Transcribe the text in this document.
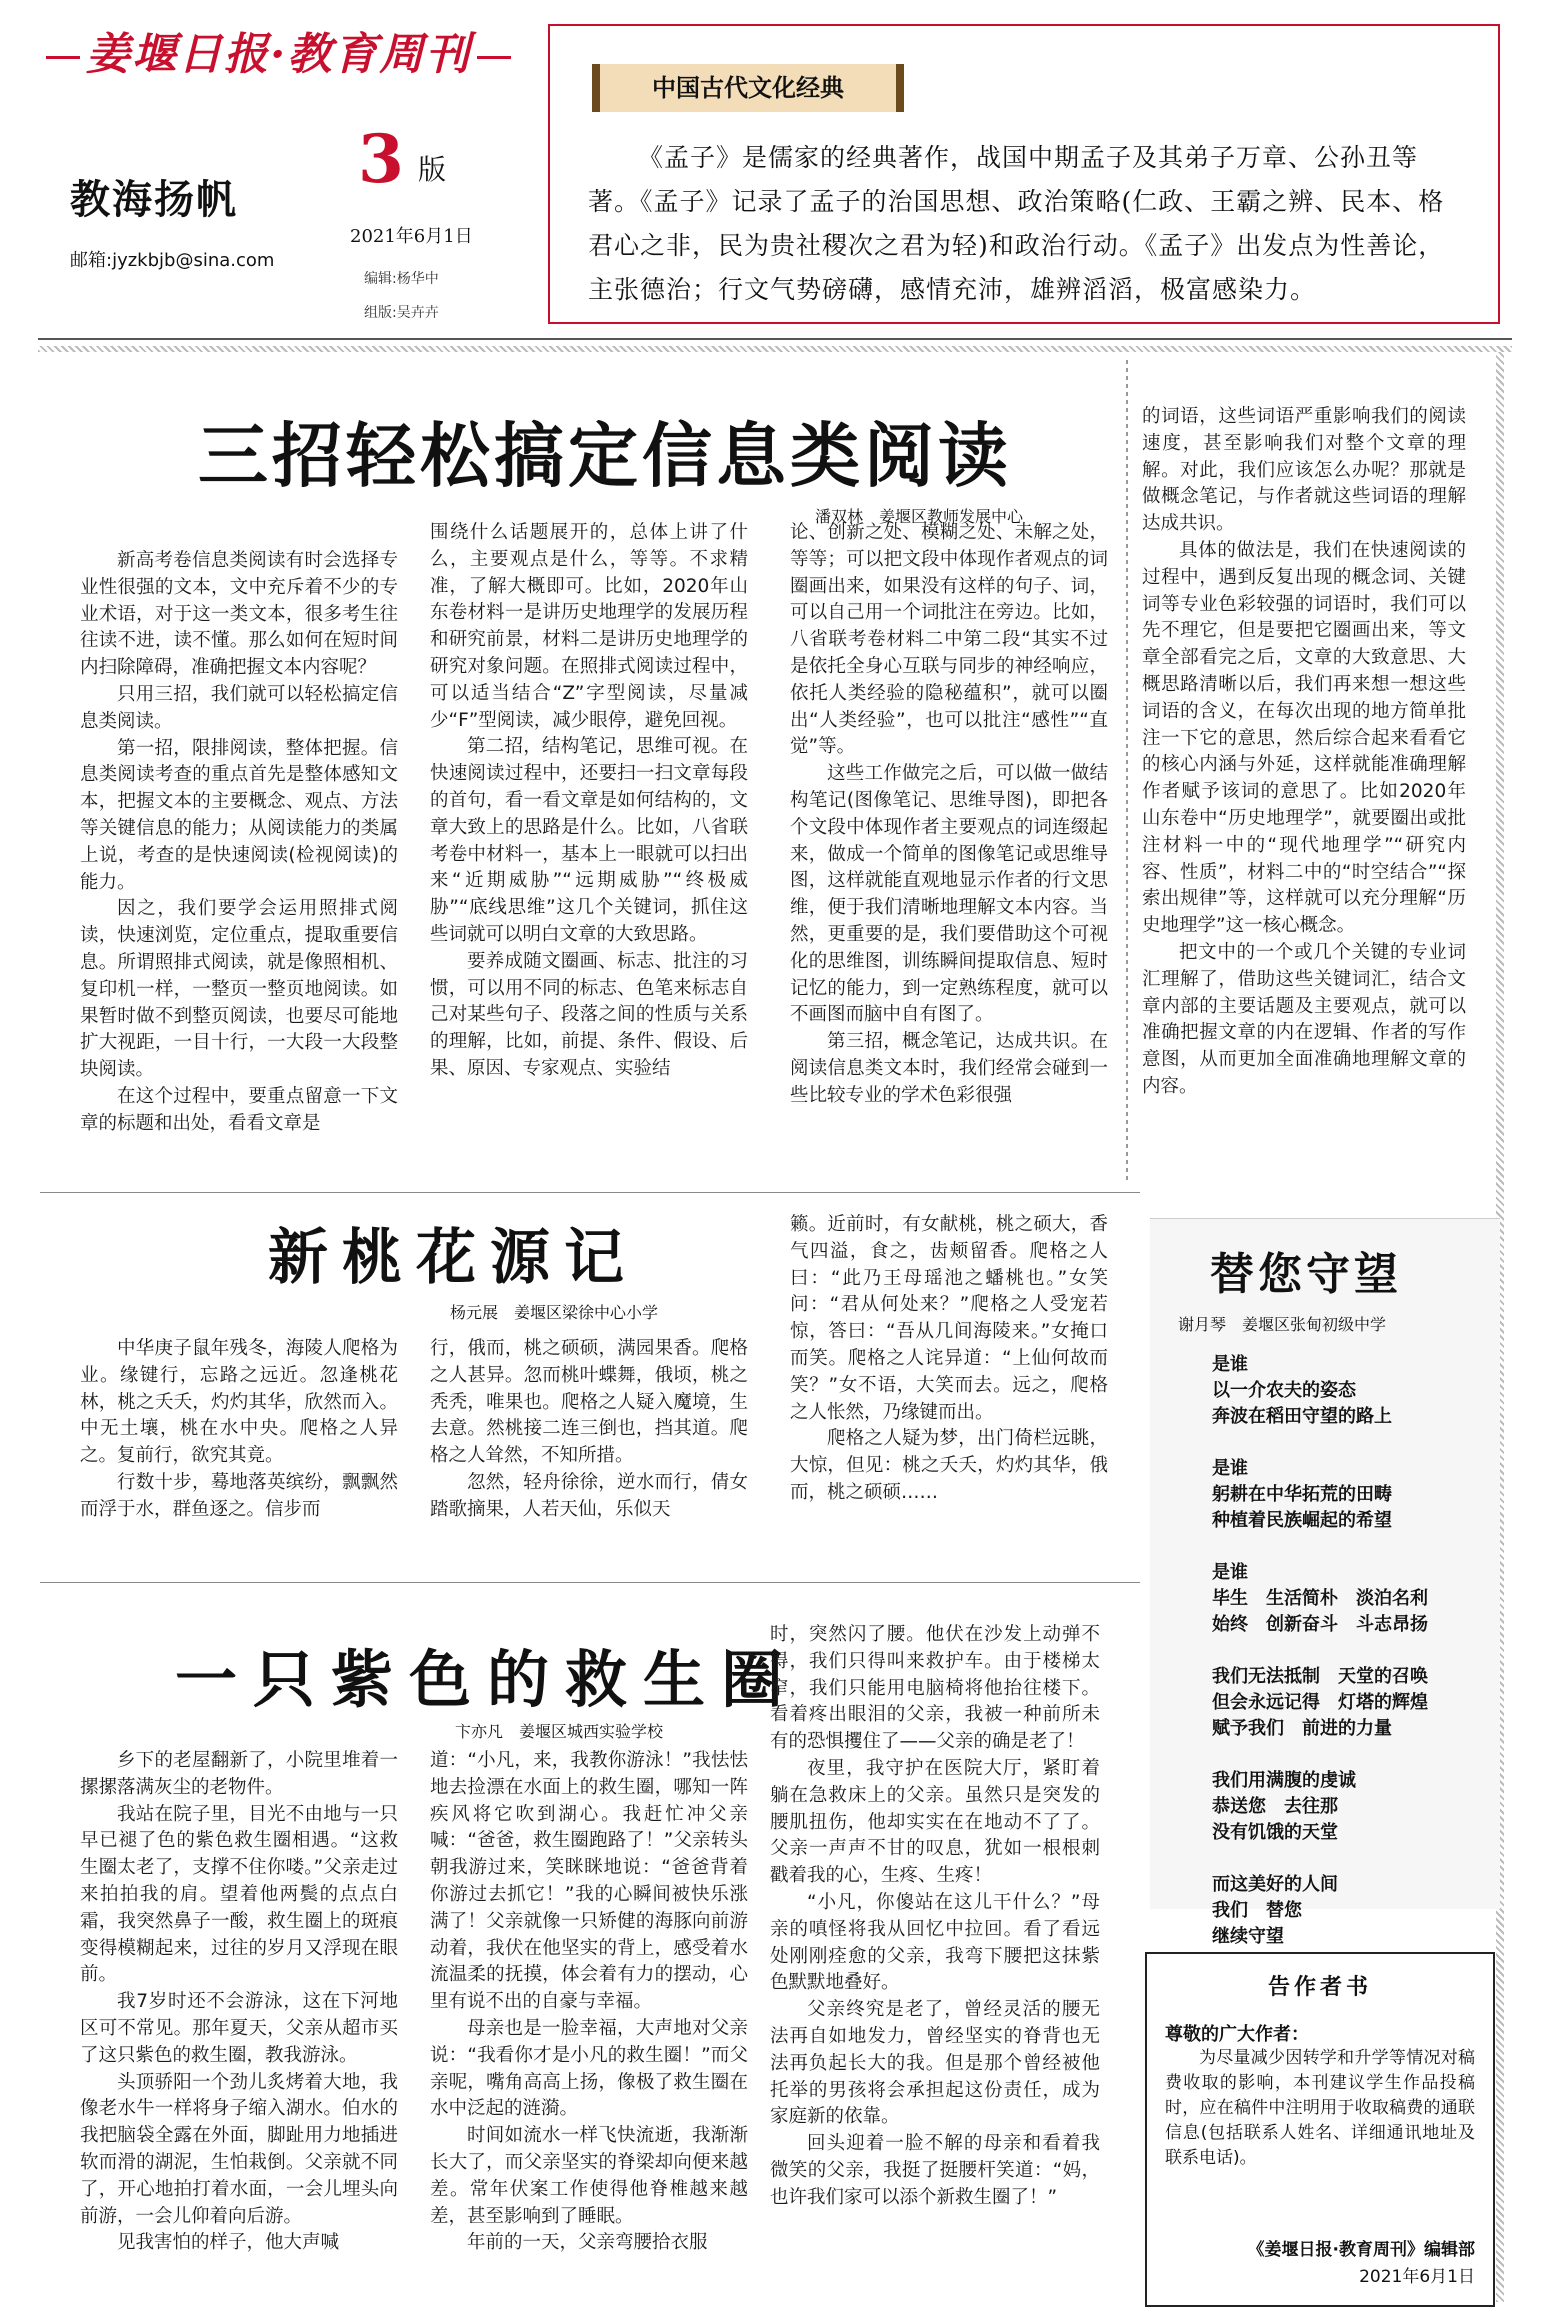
姜堰日报·教育周刊
教海扬帆
邮箱:jyzkbjb@sina.com
3 版
2021年6月1日
编辑:杨华中
组版:吴卉卉
中国古代文化经典
《孟子》是儒家的经典著作，战国中期孟子及其弟子万章、公孙丑等著。《孟子》记录了孟子的治国思想、政治策略(仁政、王霸之辨、民本、格君心之非，民为贵社稷次之君为轻)和政治行动。《孟子》出发点为性善论，主张德治；行文气势磅礴，感情充沛，雄辨滔滔，极富感染力。
三招轻松搞定信息类阅读
潘双林　姜堰区教师发展中心

新高考卷信息类阅读有时会选择专业性很强的文本，文中充斥着不少的专业术语，对于这一类文本，很多考生往往读不进，读不懂。那么如何在短时间内扫除障碍，准确把握文本内容呢？

只用三招，我们就可以轻松搞定信息类阅读。

第一招，限排阅读，整体把握。信息类阅读考查的重点首先是整体感知文本，把握文本的主要概念、观点、方法等关键信息的能力；从阅读能力的类属上说，考查的是快速阅读(检视阅读)的能力。

因之，我们要学会运用照排式阅读，快速浏览，定位重点，提取重要信息。所谓照排式阅读，就是像照相机、复印机一样，一整页一整页地阅读。如果暂时做不到整页阅读，也要尽可能地扩大视距，一目十行，一大段一大段整块阅读。

在这个过程中，要重点留意一下文章的标题和出处，看看文章是

围绕什么话题展开的，总体上讲了什么，主要观点是什么，等等。不求精准，了解大概即可。比如，2020年山东卷材料一是讲历史地理学的发展历程和研究前景，材料二是讲历史地理学的研究对象问题。在照排式阅读过程中，可以适当结合“Z”字型阅读，尽量减少“F”型阅读，减少眼停，避免回视。

第二招，结构笔记，思维可视。在快速阅读过程中，还要扫一扫文章每段的首句，看一看文章是如何结构的，文章大致上的思路是什么。比如，八省联考卷中材料一，基本上一眼就可以扫出来“近期威胁”“远期威胁”“终极威胁”“底线思维”这几个关键词，抓住这些词就可以明白文章的大致思路。

要养成随文圈画、标志、批注的习惯，可以用不同的标志、色笔来标志自己对某些句子、段落之间的性质与关系的理解，比如，前提、条件、假设、后果、原因、专家观点、实验结

论、创新之处、模糊之处、未解之处，等等；可以把文段中体现作者观点的词圈画出来，如果没有这样的句子、词，可以自己用一个词批注在旁边。比如，八省联考卷材料二中第二段“其实不过是依托全身心互联与同步的神经响应，依托人类经验的隐秘蕴积”，就可以圈出“人类经验”，也可以批注“感性”“直觉”等。

这些工作做完之后，可以做一做结构笔记(图像笔记、思维导图)，即把各个文段中体现作者主要观点的词连缀起来，做成一个简单的图像笔记或思维导图，这样就能直观地显示作者的行文思维，便于我们清晰地理解文本内容。当然，更重要的是，我们要借助这个可视化的思维图，训练瞬间提取信息、短时记忆的能力，到一定熟练程度，就可以不画图而脑中自有图了。

第三招，概念笔记，达成共识。在阅读信息类文本时，我们经常会碰到一些比较专业的学术色彩很强

的词语，这些词语严重影响我们的阅读速度，甚至影响我们对整个文章的理解。对此，我们应该怎么办呢？那就是做概念笔记，与作者就这些词语的理解达成共识。

具体的做法是，我们在快速阅读的过程中，遇到反复出现的概念词、关键词等专业色彩较强的词语时，我们可以先不理它，但是要把它圈画出来，等文章全部看完之后，文章的大致意思、大概思路清晰以后，我们再来想一想这些词语的含义，在每次出现的地方简单批注一下它的意思，然后综合起来看看它的核心内涵与外延，这样就能准确理解作者赋予该词的意思了。比如2020年山东卷中“历史地理学”，就要圈出或批注材料一中的“现代地理学”“研究内容、性质”，材料二中的“时空结合”“探索出规律”等，这样就可以充分理解“历史地理学”这一核心概念。

把文中的一个或几个关键的专业词汇理解了，借助这些关键词汇，结合文章内部的主要话题及主要观点，就可以准确把握文章的内在逻辑、作者的写作意图，从而更加全面准确地理解文章的内容。

新桃花源记
杨元展　姜堰区梁徐中心小学

中华庚子鼠年残冬，海陵人爬格为业。缘键行，忘路之远近。忽逢桃花林，桃之夭夭，灼灼其华，欣然而入。中无土壤，桃在水中央。爬格之人异之。复前行，欲究其竟。

行数十步，蓦地落英缤纷，飘飘然而浮于水，群鱼逐之。信步而

行，俄而，桃之硕硕，满园果香。爬格之人甚异。忽而桃叶蝶舞，俄顷，桃之秃秃，唯果也。爬格之人疑入魔境，生去意。然桃接二连三倒也，挡其道。爬格之人耸然，不知所措。

忽然，轻舟徐徐，逆水而行，倩女踏歌摘果，人若天仙，乐似天

籁。近前时，有女献桃，桃之硕大，香气四溢，食之，齿颊留香。爬格之人曰：“此乃王母瑶池之蟠桃也。”女笑问：“君从何处来？”爬格之人受宠若惊，答曰：“吾从几间海陵来。”女掩口而笑。爬格之人诧异道：“上仙何故而笑？”女不语，大笑而去。远之，爬格之人怅然，乃缘键而出。

爬格之人疑为梦，出门倚栏远眺，大惊，但见：桃之夭夭，灼灼其华，俄而，桃之硕硕……

一只紫色的救生圈
卞亦凡　姜堰区城西实验学校

乡下的老屋翻新了，小院里堆着一摞摞落满灰尘的老物件。

我站在院子里，目光不由地与一只早已褪了色的紫色救生圈相遇。“这救生圈太老了，支撑不住你喽。”父亲走过来拍拍我的肩。望着他两鬓的点点白霜，我突然鼻子一酸，救生圈上的斑痕变得模糊起来，过往的岁月又浮现在眼前。

我7岁时还不会游泳，这在下河地区可不常见。那年夏天，父亲从超市买了这只紫色的救生圈，教我游泳。

头顶骄阳一个劲儿炙烤着大地，我像老水牛一样将身子缩入湖水。伯水的我把脑袋全露在外面，脚趾用力地插进软而滑的湖泥，生怕栽倒。父亲就不同了，开心地拍打着水面，一会儿埋头向前游，一会儿仰着向后游。

见我害怕的样子，他大声喊

道：“小凡，来，我教你游泳！”我怯怯地去捡漂在水面上的救生圈，哪知一阵疾风将它吹到湖心。我赶忙冲父亲喊：“爸爸，救生圈跑路了！”父亲转头朝我游过来，笑眯眯地说：“爸爸背着你游过去抓它！”我的心瞬间被快乐涨满了！父亲就像一只矫健的海豚向前游动着，我伏在他坚实的背上，感受着水流温柔的抚摸，体会着有力的摆动，心里有说不出的自豪与幸福。

母亲也是一脸幸福，大声地对父亲说：“我看你才是小凡的救生圈！”而父亲呢，嘴角高高上扬，像极了救生圈在水中泛起的涟漪。

时间如流水一样飞快流逝，我渐渐长大了，而父亲坚实的脊梁却向便来越差。常年伏案工作使得他脊椎越来越差，甚至影响到了睡眠。

年前的一天，父亲弯腰拾衣服

时，突然闪了腰。他伏在沙发上动弹不得，我们只得叫来救护车。由于楼梯太窄，我们只能用电脑椅将他抬往楼下。看着疼出眼泪的父亲，我被一种前所未有的恐惧攫住了——父亲的确是老了！

夜里，我守护在医院大厅，紧盯着躺在急救床上的父亲。虽然只是突发的腰肌扭伤，他却实实在在地动不了了。父亲一声声不甘的叹息，犹如一根根刺戳着我的心，生疼、生疼！

“小凡，你傻站在这儿干什么？”母亲的嗔怪将我从回忆中拉回。看了看远处刚刚痊愈的父亲，我弯下腰把这抹紫色默默地叠好。

父亲终究是老了，曾经灵活的腰无法再自如地发力，曾经坚实的脊背也无法再负起长大的我。但是那个曾经被他托举的男孩将会承担起这份责任，成为家庭新的依靠。

回头迎着一脸不解的母亲和看着我微笑的父亲，我挺了挺腰杆笑道：“妈，也许我们家可以添个新救生圈了！”

替您守望
谢月琴　姜堰区张甸初级中学
是谁
以一介农夫的姿态
奔波在稻田守望的路上
是谁
躬耕在中华拓荒的田畴
种植着民族崛起的希望
是谁
毕生　生活简朴　淡泊名利
始终　创新奋斗　斗志昂扬
我们无法抵制　天堂的召唤
但会永远记得　灯塔的辉煌
赋予我们　前进的力量
我们用满腹的虔诚
恭送您　去往那
没有饥饿的天堂
而这美好的人间
我们　替您
继续守望
告作者书
尊敬的广大作者：
为尽量减少因转学和升学等情况对稿费收取的影响，本刊建议学生作品投稿时，应在稿件中注明用于收取稿费的通联信息(包括联系人姓名、详细通讯地址及联系电话)。
《姜堰日报·教育周刊》编辑部
2021年6月1日
